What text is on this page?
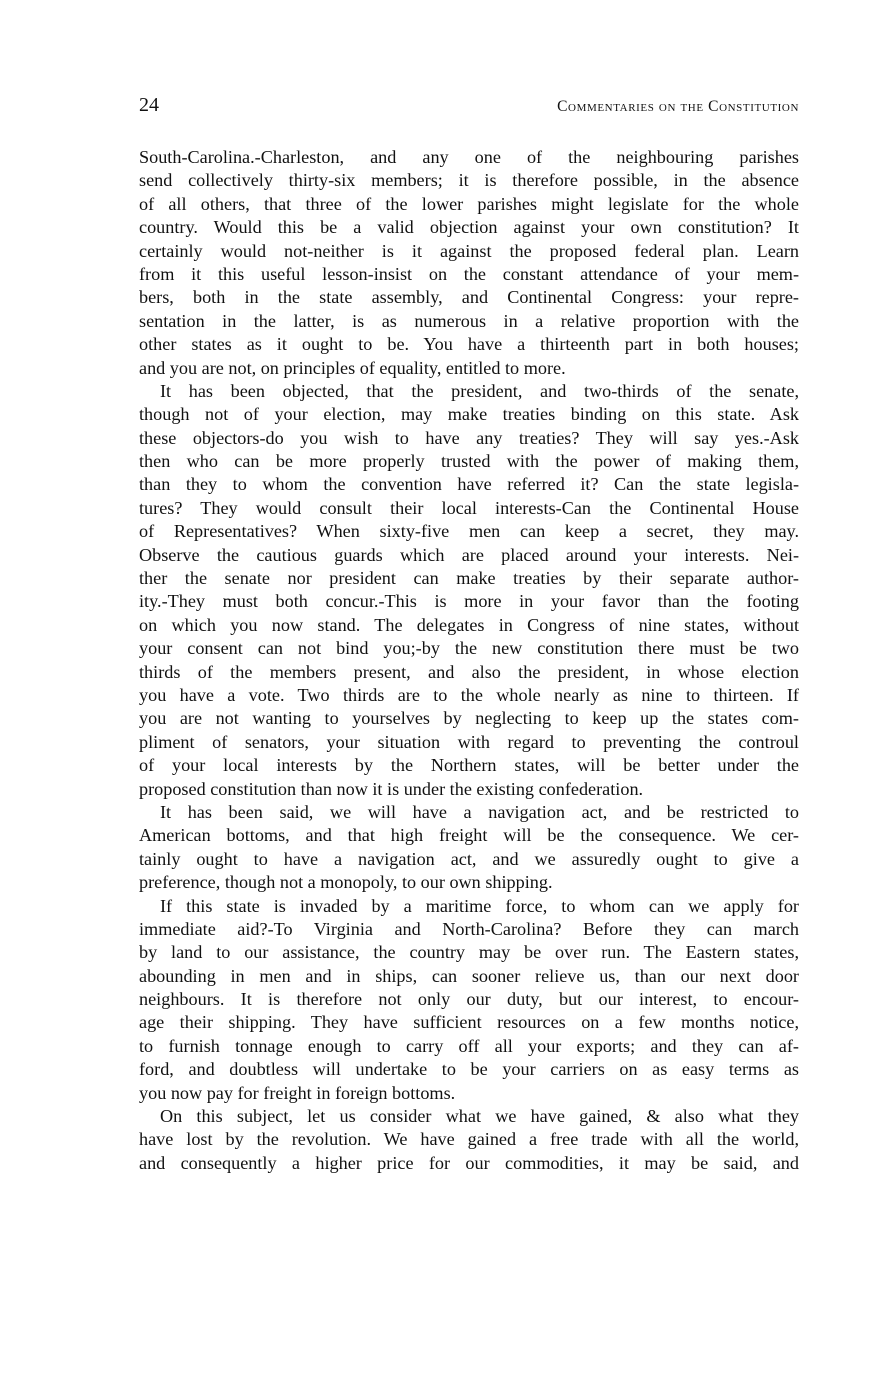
24	Commentaries on the Constitution
South-Carolina.-Charleston, and any one of the neighbouring parishes
send collectively thirty-six members; it is therefore possible, in the absence
of all others, that three of the lower parishes might legislate for the whole
country. Would this be a valid objection against your own constitution? It
certainly would not-neither is it against the proposed federal plan. Learn
from it this useful lesson-insist on the constant attendance of your mem-
bers, both in the state assembly, and Continental Congress: your repre-
sentation in the latter, is as numerous in a relative proportion with the
other states as it ought to be. You have a thirteenth part in both houses;
and you are not, on principles of equality, entitled to more.
It has been objected, that the president, and two-thirds of the senate,
though not of your election, may make treaties binding on this state. Ask
these objectors-do you wish to have any treaties? They will say yes.-Ask
then who can be more properly trusted with the power of making them,
than they to whom the convention have referred it? Can the state legisla-
tures? They would consult their local interests-Can the Continental House
of Representatives? When sixty-five men can keep a secret, they may.
Observe the cautious guards which are placed around your interests. Nei-
ther the senate nor president can make treaties by their separate author-
ity.-They must both concur.-This is more in your favor than the footing
on which you now stand. The delegates in Congress of nine states, without
your consent can not bind you;-by the new constitution there must be two
thirds of the members present, and also the president, in whose election
you have a vote. Two thirds are to the whole nearly as nine to thirteen. If
you are not wanting to yourselves by neglecting to keep up the states com-
pliment of senators, your situation with regard to preventing the controul
of your local interests by the Northern states, will be better under the
proposed constitution than now it is under the existing confederation.
It has been said, we will have a navigation act, and be restricted to
American bottoms, and that high freight will be the consequence. We cer-
tainly ought to have a navigation act, and we assuredly ought to give a
preference, though not a monopoly, to our own shipping.
If this state is invaded by a maritime force, to whom can we apply for
immediate aid?-To Virginia and North-Carolina? Before they can march
by land to our assistance, the country may be over run. The Eastern states,
abounding in men and in ships, can sooner relieve us, than our next door
neighbours. It is therefore not only our duty, but our interest, to encour-
age their shipping. They have sufficient resources on a few months notice,
to furnish tonnage enough to carry off all your exports; and they can af-
ford, and doubtless will undertake to be your carriers on as easy terms as
you now pay for freight in foreign bottoms.
On this subject, let us consider what we have gained, & also what they
have lost by the revolution. We have gained a free trade with all the world,
and consequently a higher price for our commodities, it may be said, and
